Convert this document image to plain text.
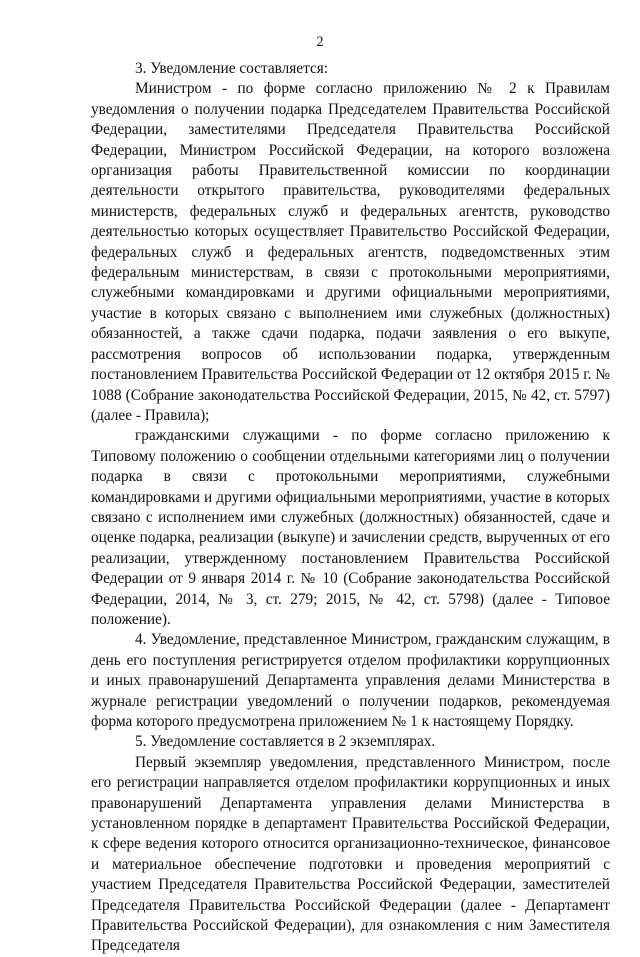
2

3. Уведомление составляется:

Министром - по форме согласно приложению № 2 к Правилам уведомления о получении подарка Председателем Правительства Российской Федерации, заместителями Председателя Правительства Российской Федерации, Министром Российской Федерации, на которого возложена организация работы Правительственной комиссии по координации деятельности открытого правительства, руководителями федеральных министерств, федеральных служб и федеральных агентств, руководство деятельностью которых осуществляет Правительство Российской Федерации, федеральных служб и федеральных агентств, подведомственных этим федеральным министерствам, в связи с протокольными мероприятиями, служебными командировками и другими официальными мероприятиями, участие в которых связано с выполнением ими служебных (должностных) обязанностей, а также сдачи подарка, подачи заявления о его выкупе, рассмотрения вопросов об использовании подарка, утвержденным постановлением Правительства Российской Федерации от 12 октября 2015 г. № 1088 (Собрание законодательства Российской Федерации, 2015, № 42, ст. 5797) (далее - Правила);

гражданскими служащими - по форме согласно приложению к Типовому положению о сообщении отдельными категориями лиц о получении подарка в связи с протокольными мероприятиями, служебными командировками и другими официальными мероприятиями, участие в которых связано с исполнением ими служебных (должностных) обязанностей, сдаче и оценке подарка, реализации (выкупе) и зачислении средств, вырученных от его реализации, утвержденному постановлением Правительства Российской Федерации от 9 января 2014 г. № 10 (Собрание законодательства Российской Федерации, 2014, № 3, ст. 279; 2015, № 42, ст. 5798) (далее - Типовое положение).

4. Уведомление, представленное Министром, гражданским служащим, в день его поступления регистрируется отделом профилактики коррупционных и иных правонарушений Департамента управления делами Министерства в журнале регистрации уведомлений о получении подарков, рекомендуемая форма которого предусмотрена приложением № 1 к настоящему Порядку.

5. Уведомление составляется в 2 экземплярах.

Первый экземпляр уведомления, представленного Министром, после его регистрации направляется отделом профилактики коррупционных и иных правонарушений Департамента управления делами Министерства в установленном порядке в департамент Правительства Российской Федерации, к сфере ведения которого относится организационно-техническое, финансовое и материальное обеспечение подготовки и проведения мероприятий с участием Председателя Правительства Российской Федерации, заместителей Председателя Правительства Российской Федерации (далее - Департамент Правительства Российской Федерации), для ознакомления с ним Заместителя Председателя
